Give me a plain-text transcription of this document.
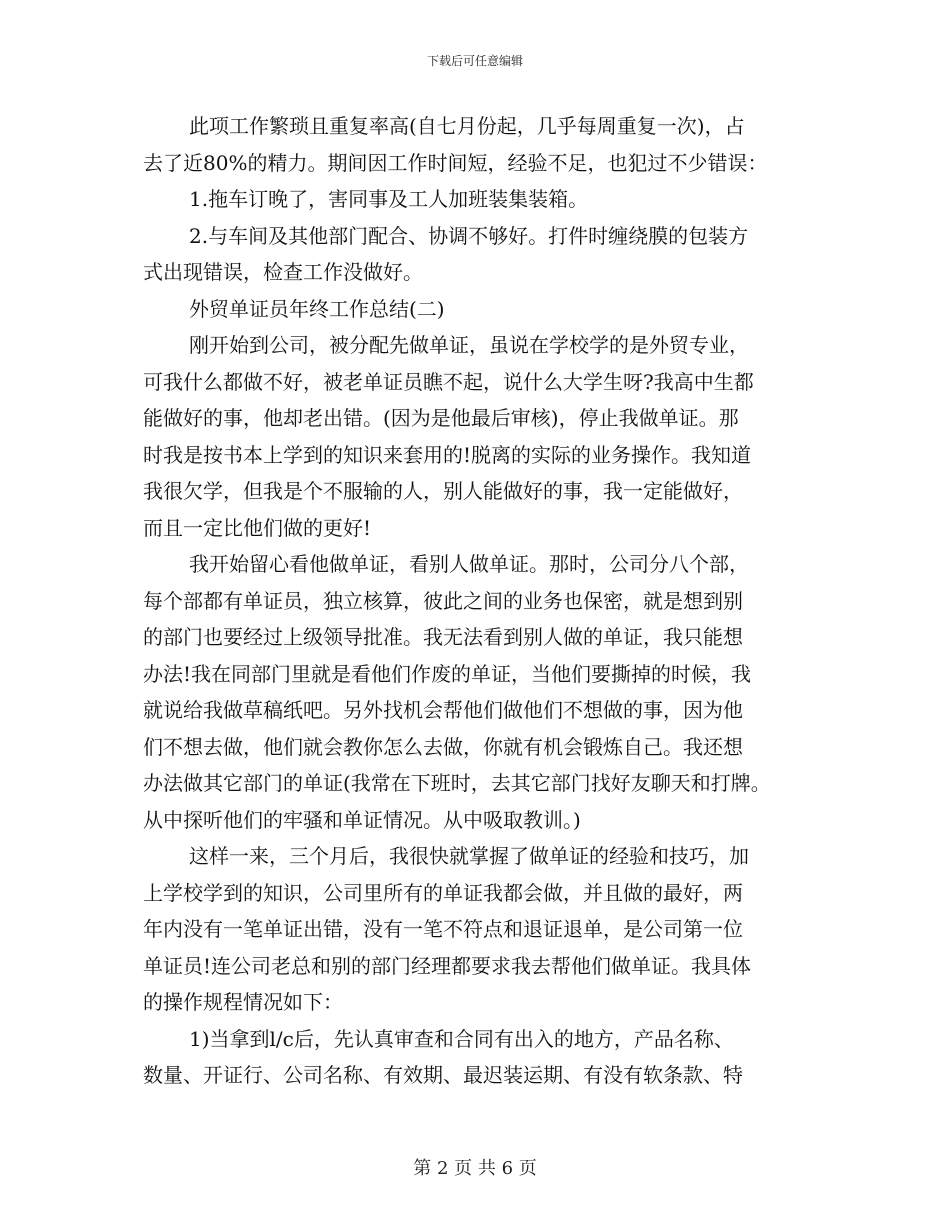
下载后可任意编辑
此项工作繁琐且重复率高(自七月份起，几乎每周重复一次)，占
去了近80%的精力。期间因工作时间短，经验不足，也犯过不少错误：
1.拖车订晚了，害同事及工人加班装集装箱。
2.与车间及其他部门配合、协调不够好。打件时缠绕膜的包装方
式出现错误，检查工作没做好。
外贸单证员年终工作总结(二)
刚开始到公司，被分配先做单证，虽说在学校学的是外贸专业，
可我什么都做不好，被老单证员瞧不起，说什么大学生呀?我高中生都
能做好的事，他却老出错。(因为是他最后审核)，停止我做单证。那
时我是按书本上学到的知识来套用的!脱离的实际的业务操作。我知道
我很欠学，但我是个不服输的人，别人能做好的事，我一定能做好，
而且一定比他们做的更好!
我开始留心看他做单证，看别人做单证。那时，公司分八个部，
每个部都有单证员，独立核算，彼此之间的业务也保密，就是想到别
的部门也要经过上级领导批准。我无法看到别人做的单证，我只能想
办法!我在同部门里就是看他们作废的单证，当他们要撕掉的时候，我
就说给我做草稿纸吧。另外找机会帮他们做他们不想做的事，因为他
们不想去做，他们就会教你怎么去做，你就有机会锻炼自己。我还想
办法做其它部门的单证(我常在下班时，去其它部门找好友聊天和打牌。
从中探听他们的牢骚和单证情况。从中吸取教训。)
这样一来，三个月后，我很快就掌握了做单证的经验和技巧，加
上学校学到的知识，公司里所有的单证我都会做，并且做的最好，两
年内没有一笔单证出错，没有一笔不符点和退证退单，是公司第一位
单证员!连公司老总和别的部门经理都要求我去帮他们做单证。我具体
的操作规程情况如下：
1)当拿到l/c后，先认真审查和合同有出入的地方，产品名称、
数量、开证行、公司名称、有效期、最迟装运期、有没有软条款、特
第 2 页 共 6 页
